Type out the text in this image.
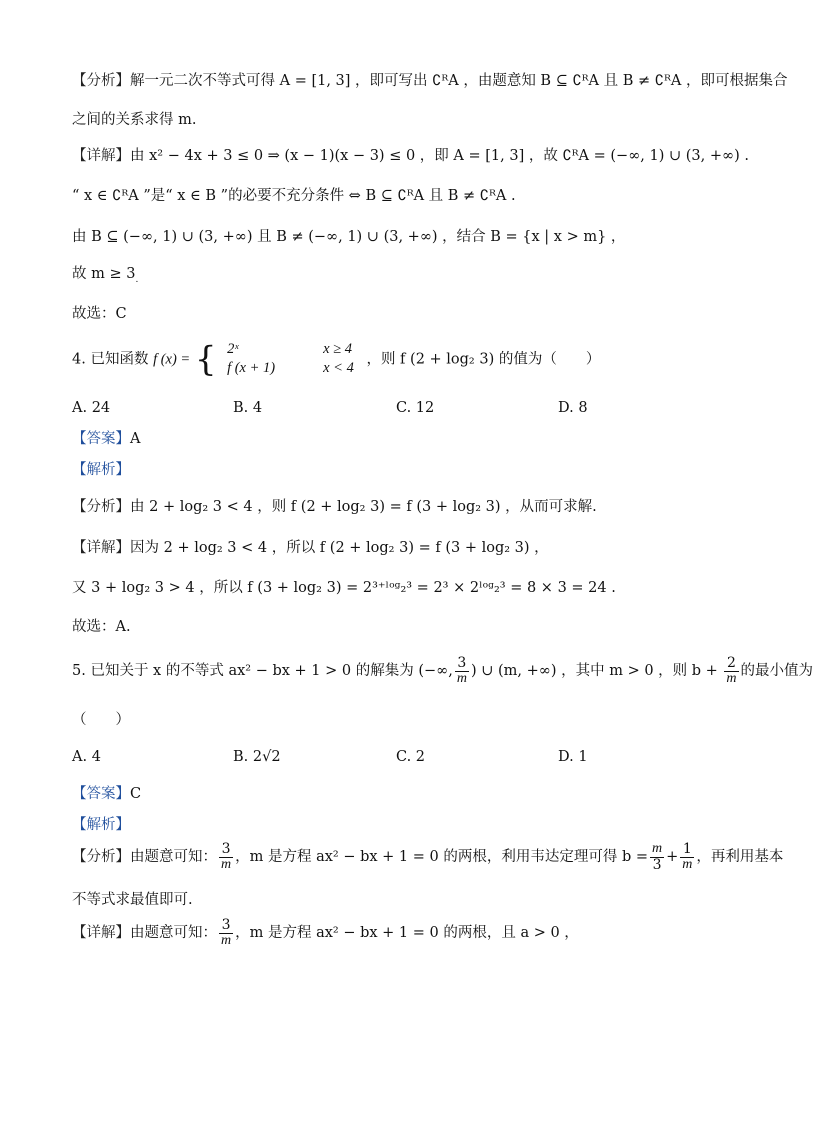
【分析】解一元二次不等式可得 A = [1, 3] ，即可写出 ∁ᴿA ，由题意知 B ⊆ ∁ᴿA 且 B ≠ ∁ᴿA ，即可根据集合
之间的关系求得 m.
【详解】由 x² − 4x + 3 ≤ 0 ⇒ (x − 1)(x − 3) ≤ 0 ，即 A = [1, 3] ，故 ∁ᴿA = (−∞, 1) ∪ (3, +∞) .
“ x ∈ ∁ᴿA ”是“ x ∈ B ”的必要不充分条件 ⇔ B ⊆ ∁ᴿA 且 B ≠ ∁ᴿA .
由 B ⊆ (−∞, 1) ∪ (3, +∞) 且 B ≠ (−∞, 1) ∪ (3, +∞) ，结合 B = {x | x > m} ，
故 $m \ge 3_.$
故选：C
4. 已知函数 f (x) = { 2ˣ	x ≥ 4
f (x + 1)	x < 4 ，则 f (2 + log₂ 3) 的值为（　　）
A. 24	B. 4	C. 12	D. 8
【答案】A
【解析】
【分析】由 2 + log₂ 3 < 4 ，则 f (2 + log₂ 3) = f (3 + log₂ 3) ，从而可求解.
【详解】因为 2 + log₂ 3 < 4 ，所以 f (2 + log₂ 3) = f (3 + log₂ 3) ，
又 3 + log₂ 3 > 4 ，所以 f (3 + log₂ 3) = 2³⁺ˡᵒᵍ₂³ = 2³ × 2ˡᵒᵍ₂³ = 8 × 3 = 24 .
故选：A.
5. 已知关于 x 的不等式 ax² − bx + 1 > 0 的解集为 (−∞, $\frac{3}{m}$ ) ∪ (m, +∞) ，其中 m > 0 ，则 $b + \frac{2}{m}$ 的最小值为
（　　）
A. 4	B. 2√2	C. 2	D. 1
【答案】C
【解析】
【分析】由题意可知： $\frac{3}{m}$ ，m 是方程 ax² − bx + 1 = 0 的两根，利用韦达定理可得 $b = \frac{m}{3} + \frac{1}{m}$ ，再利用基本
不等式求最值即可.
【详解】由题意可知： $\frac{3}{m}$ ，m 是方程 ax² − bx + 1 = 0 的两根，且 a > 0 ，
